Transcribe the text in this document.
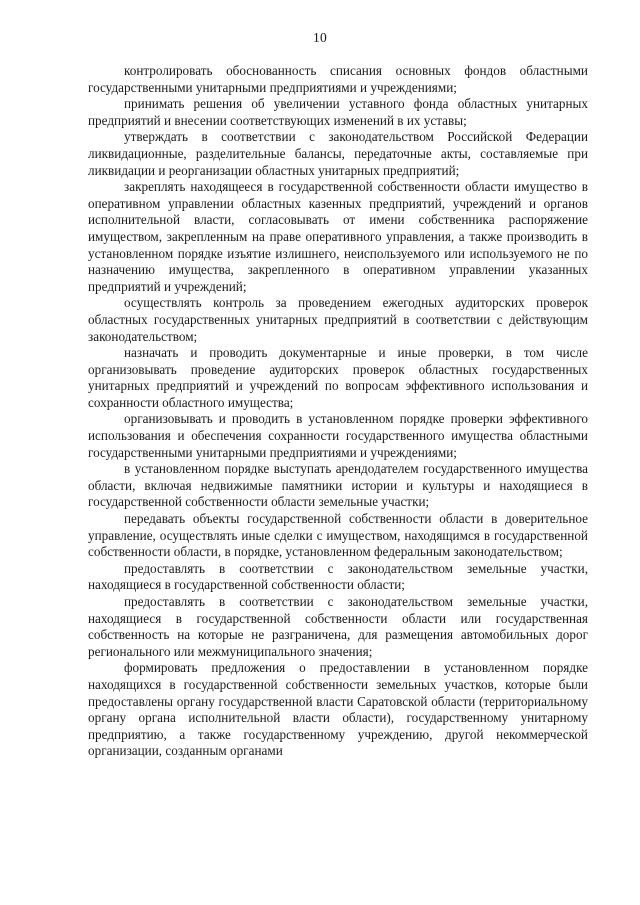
10

контролировать обоснованность списания основных фондов областными государственными унитарными предприятиями и учреждениями;

принимать решения об увеличении уставного фонда областных унитарных предприятий и внесении соответствующих изменений в их уставы;

утверждать в соответствии с законодательством Российской Федерации ликвидационные, разделительные балансы, передаточные акты, составляемые при ликвидации и реорганизации областных унитарных предприятий;

закреплять находящееся в государственной собственности области имущество в оперативном управлении областных казенных предприятий, учреждений и органов исполнительной власти, согласовывать от имени собственника распоряжение имуществом, закрепленным на праве оперативного управления, а также производить в установленном порядке изъятие излишнего, неиспользуемого или используемого не по назначению имущества, закрепленного в оперативном управлении указанных предприятий и учреждений;

осуществлять контроль за проведением ежегодных аудиторских проверок областных государственных унитарных предприятий в соответствии с действующим законодательством;

назначать и проводить документарные и иные проверки, в том числе организовывать проведение аудиторских проверок областных государственных унитарных предприятий и учреждений по вопросам эффективного использования и сохранности областного имущества;

организовывать и проводить в установленном порядке проверки эффективного использования и обеспечения сохранности государственного имущества областными государственными унитарными предприятиями и учреждениями;

в установленном порядке выступать арендодателем государственного имущества области, включая недвижимые памятники истории и культуры и находящиеся в государственной собственности области земельные участки;

передавать объекты государственной собственности области в доверительное управление, осуществлять иные сделки с имуществом, находящимся в государственной собственности области, в порядке, установленном федеральным законодательством;

предоставлять в соответствии с законодательством земельные участки, находящиеся в государственной собственности области;

предоставлять в соответствии с законодательством земельные участки, находящиеся в государственной собственности области или государственная собственность на которые не разграничена, для размещения автомобильных дорог регионального или межмуниципального значения;

формировать предложения о предоставлении в установленном порядке находящихся в государственной собственности земельных участков, которые были предоставлены органу государственной власти Саратовской области (территориальному органу органа исполнительной власти области), государственному унитарному предприятию, а также государственному учреждению, другой некоммерческой организации, созданным органами
